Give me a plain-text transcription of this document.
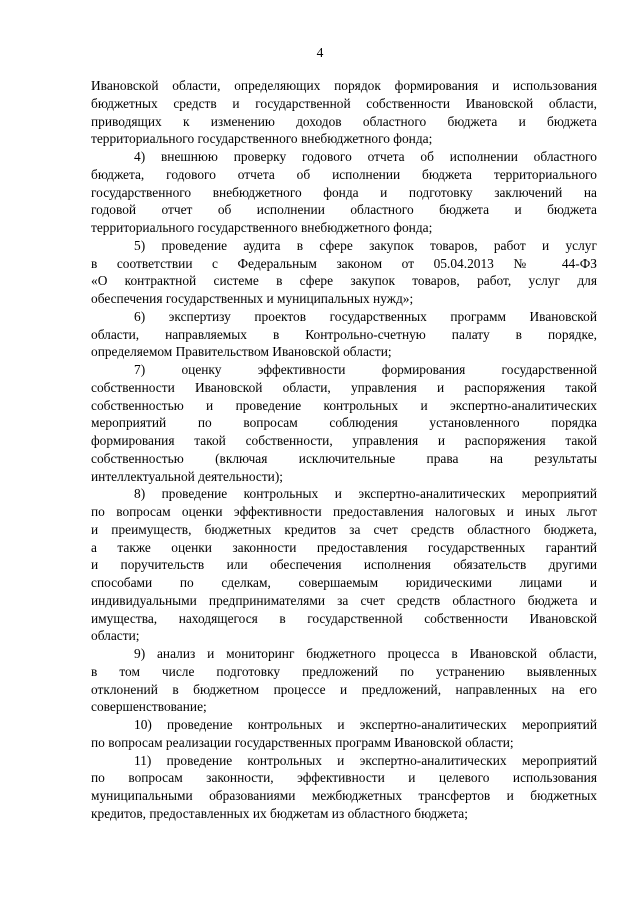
4
Ивановской области, определяющих порядок формирования и использования
бюджетных средств и государственной собственности Ивановской области,
приводящих к изменению доходов областного бюджета и бюджета
территориального государственного внебюджетного фонда;
4) внешнюю проверку годового отчета об исполнении областного
бюджета, годового отчета об исполнении бюджета территориального
государственного внебюджетного фонда и подготовку заключений на
годовой отчет об исполнении областного бюджета и бюджета
территориального государственного внебюджетного фонда;
5) проведение аудита в сфере закупок товаров, работ и услуг
в соответствии с Федеральным законом от 05.04.2013 № 44-ФЗ
«О контрактной системе в сфере закупок товаров, работ, услуг для
обеспечения государственных и муниципальных нужд»;
6) экспертизу проектов государственных программ Ивановской
области, направляемых в Контрольно-счетную палату в порядке,
определяемом Правительством Ивановской области;
7) оценку эффективности формирования государственной
собственности Ивановской области, управления и распоряжения такой
собственностью и проведение контрольных и экспертно-аналитических
мероприятий по вопросам соблюдения установленного порядка
формирования такой собственности, управления и распоряжения такой
собственностью (включая исключительные права на результаты
интеллектуальной деятельности);
8) проведение контрольных и экспертно-аналитических мероприятий
по вопросам оценки эффективности предоставления налоговых и иных льгот
и преимуществ, бюджетных кредитов за счет средств областного бюджета,
а также оценки законности предоставления государственных гарантий
и поручительств или обеспечения исполнения обязательств другими
способами по сделкам, совершаемым юридическими лицами и
индивидуальными предпринимателями за счет средств областного бюджета и
имущества, находящегося в государственной собственности Ивановской
области;
9) анализ и мониторинг бюджетного процесса в Ивановской области,
в том числе подготовку предложений по устранению выявленных
отклонений в бюджетном процессе и предложений, направленных на его
совершенствование;
10) проведение контрольных и экспертно-аналитических мероприятий
по вопросам реализации государственных программ Ивановской области;
11) проведение контрольных и экспертно-аналитических мероприятий
по вопросам законности, эффективности и целевого использования
муниципальными образованиями межбюджетных трансфертов и бюджетных
кредитов, предоставленных их бюджетам из областного бюджета;
